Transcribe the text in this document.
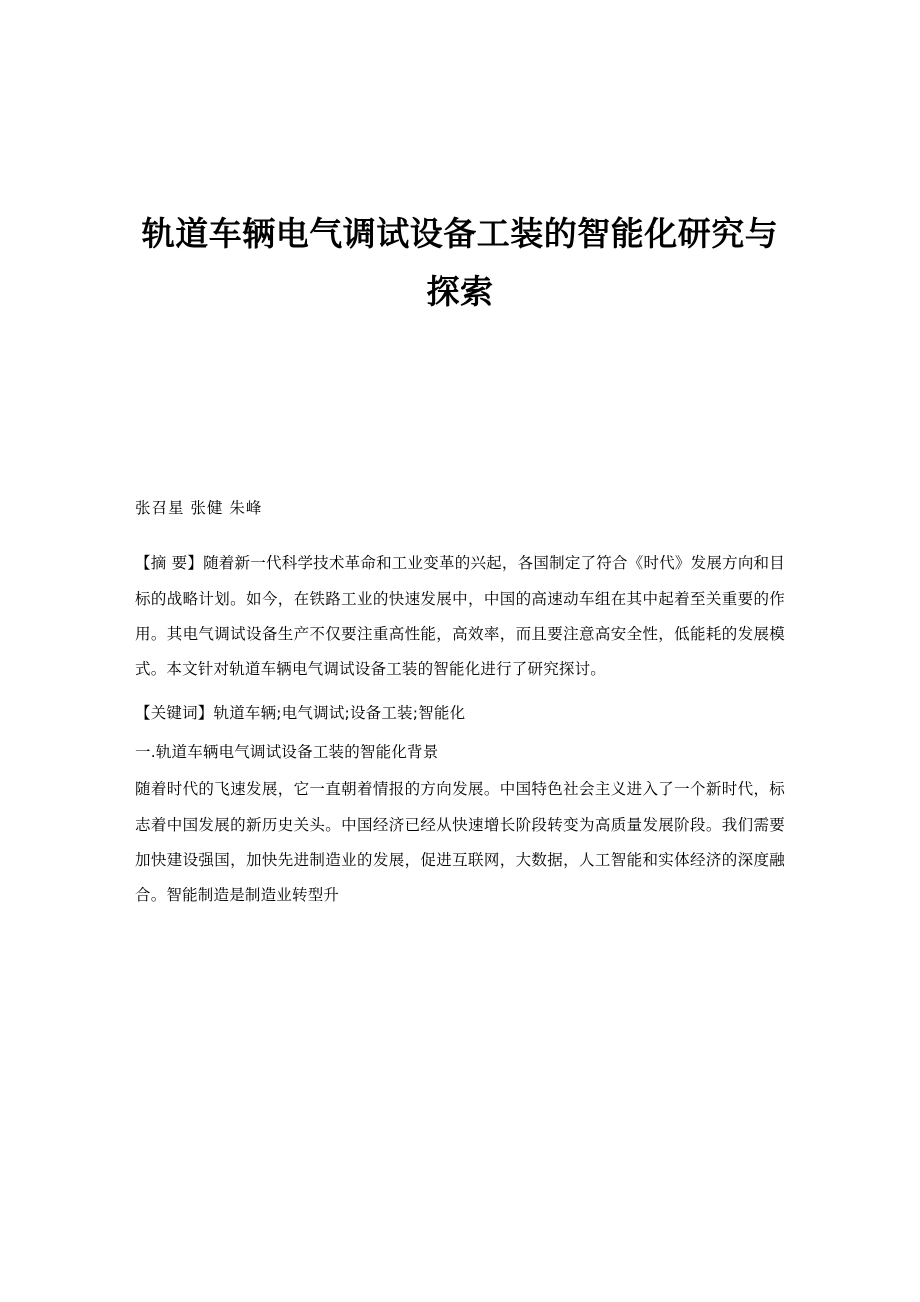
轨道车辆电气调试设备工装的智能化研究与探索
张召星 张健 朱峰

【摘 要】随着新一代科学技术革命和工业变革的兴起，各国制定了符合《时代》发展方向和目标的战略计划。如今，在铁路工业的快速发展中，中国的高速动车组在其中起着至关重要的作用。其电气调试设备生产不仅要注重高性能，高效率，而且要注意高安全性，低能耗的发展模式。本文针对轨道车辆电气调试设备工装的智能化进行了研究探讨。

【关键词】轨道车辆;电气调试;设备工装;智能化

一.轨道车辆电气调试设备工装的智能化背景

随着时代的飞速发展，它一直朝着情报的方向发展。中国特色社会主义进入了一个新时代，标志着中国发展的新历史关头。中国经济已经从快速增长阶段转变为高质量发展阶段。我们需要加快建设强国，加快先进制造业的发展，促进互联网，大数据，人工智能和实体经济的深度融合。智能制造是制造业转型升
